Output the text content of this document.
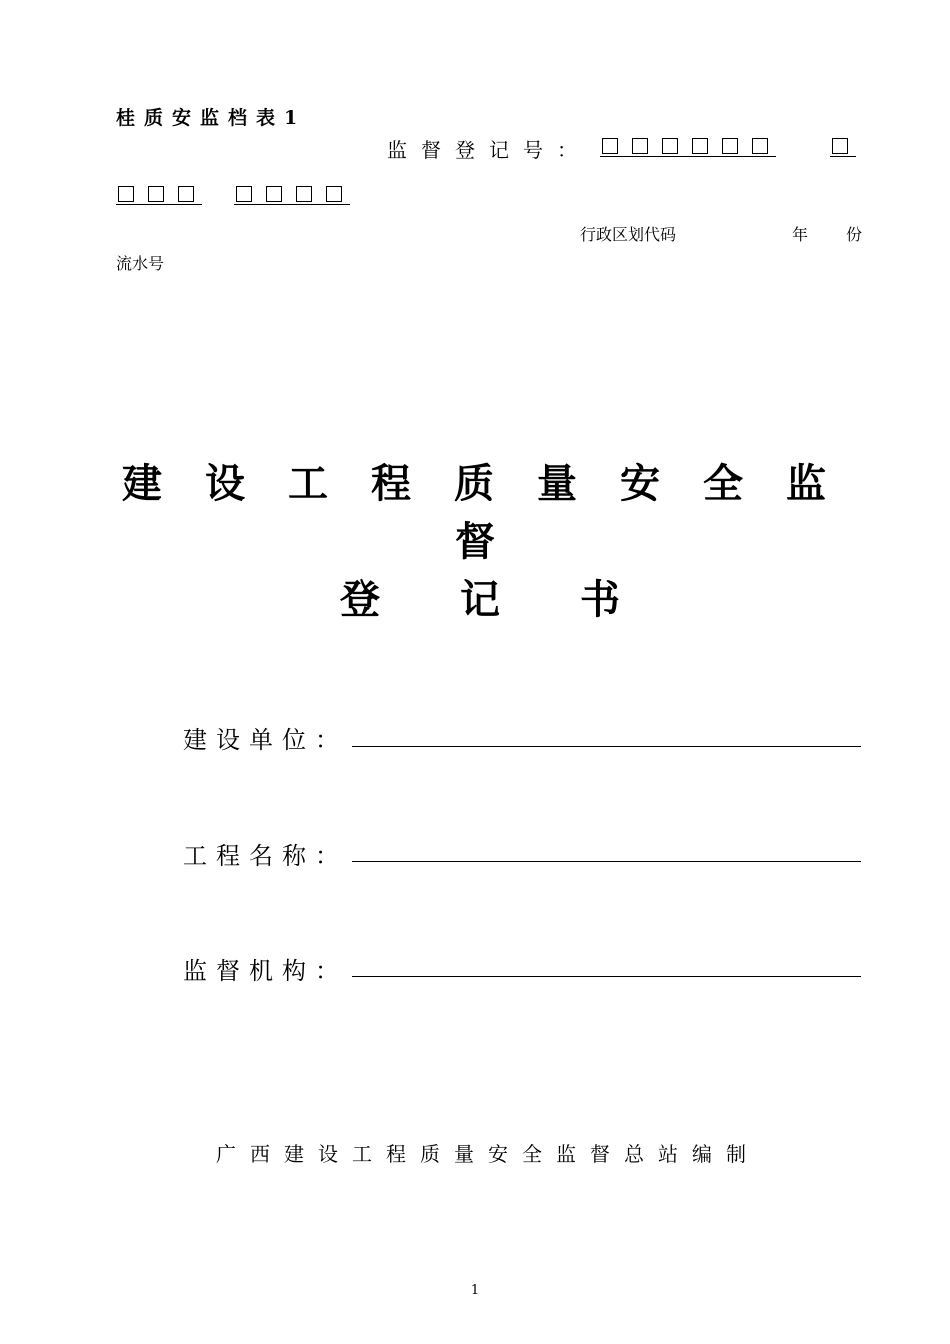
桂质安监档表1
监督登记号：
行政区划代码	年 份
流水号
建设工程质量安全监
督
登记书
建设单位：
工程名称：
监督机构：
广西建设工程质量安全监督总站编制
1
